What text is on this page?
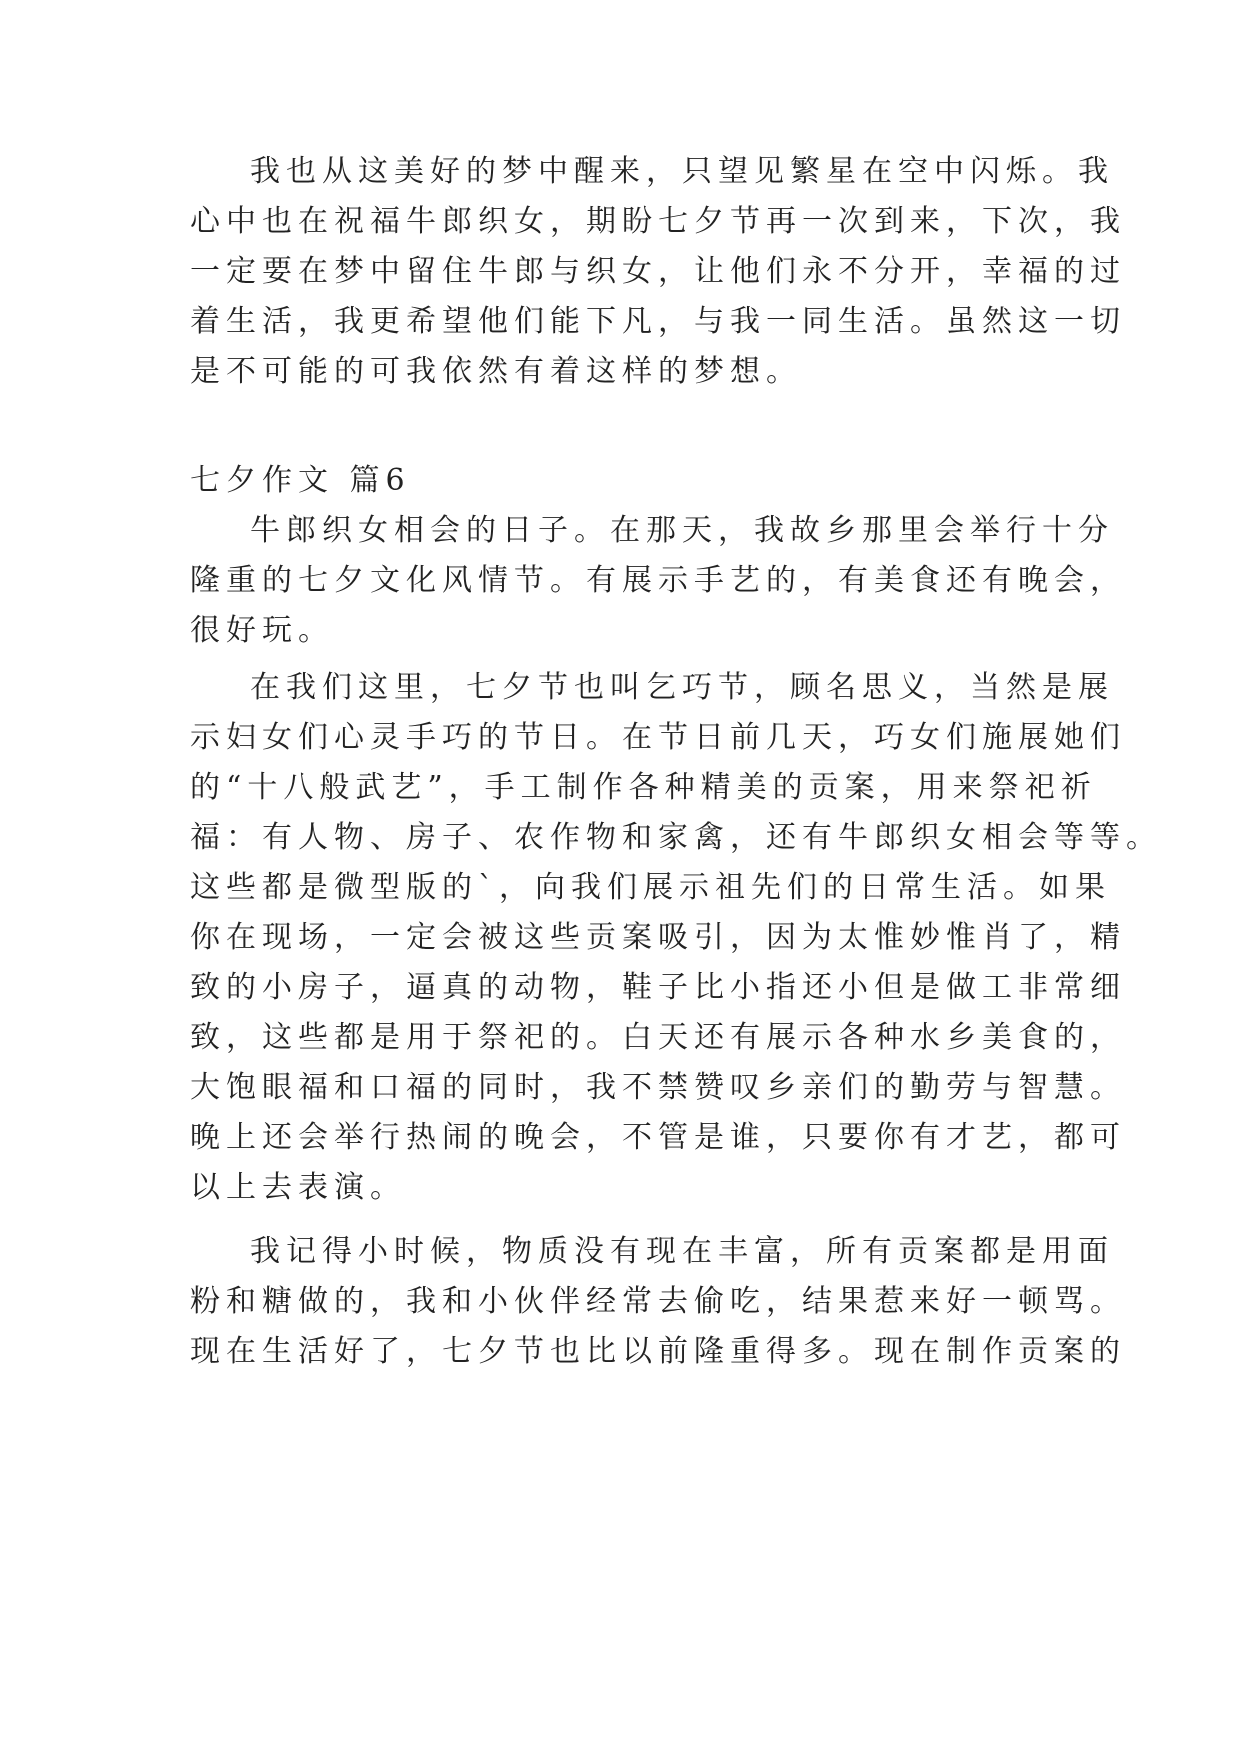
我也从这美好的梦中醒来，只望见繁星在空中闪烁。我
心中也在祝福牛郎织女，期盼七夕节再一次到来，下次，我
一定要在梦中留住牛郎与织女，让他们永不分开，幸福的过
着生活，我更希望他们能下凡，与我一同生活。虽然这一切
是不可能的可我依然有着这样的梦想。
七夕作文 篇6
牛郎织女相会的日子。在那天，我故乡那里会举行十分
隆重的七夕文化风情节。有展示手艺的，有美食还有晚会，
很好玩。
在我们这里，七夕节也叫乞巧节，顾名思义，当然是展
示妇女们心灵手巧的节日。在节日前几天，巧女们施展她们
的“十八般武艺”，手工制作各种精美的贡案，用来祭祀祈
福：有人物、房子、农作物和家禽，还有牛郎织女相会等等。
这些都是微型版的`，向我们展示祖先们的日常生活。如果
你在现场，一定会被这些贡案吸引，因为太惟妙惟肖了，精
致的小房子，逼真的动物，鞋子比小指还小但是做工非常细
致，这些都是用于祭祀的。白天还有展示各种水乡美食的，
大饱眼福和口福的同时，我不禁赞叹乡亲们的勤劳与智慧。
晚上还会举行热闹的晚会，不管是谁，只要你有才艺，都可
以上去表演。
我记得小时候，物质没有现在丰富，所有贡案都是用面
粉和糖做的，我和小伙伴经常去偷吃，结果惹来好一顿骂。
现在生活好了，七夕节也比以前隆重得多。现在制作贡案的
